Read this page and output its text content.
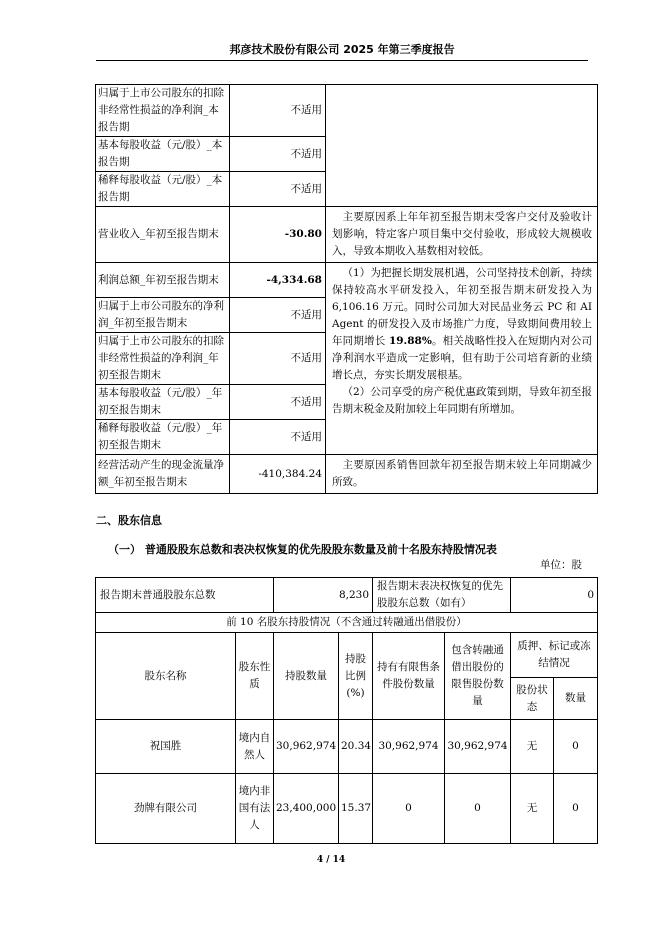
邦彦技术股份有限公司 2025 年第三季度报告
归属于上市公司股东的扣除非经常性损益的净利润_本报告期	不适用	
基本每股收益（元/股）_本报告期	不适用	
稀释每股收益（元/股）_本报告期	不适用	
营业收入_年初至报告期末	-30.80	主要原因系上年年初至报告期末受客户交付及验收计划影响，特定客户项目集中交付验收，形成较大规模收入，导致本期收入基数相对较低。

利润总额_年初至报告期末	-4,334.68	（1）为把握长期发展机遇，公司坚持技术创新，持续保持较高水平研发投入，年初至报告期末研发投入为 6,106.16 万元。同时公司加大对民品业务云 PC 和 AI Agent 的研发投入及市场推广力度，导致期间费用较上年同期增长 19.88%。相关战略性投入在短期内对公司净利润水平造成一定影响，但有助于公司培育新的业绩增长点，夯实长期发展根基。

（2）公司享受的房产税优惠政策到期，导致年初至报告期末税金及附加较上年同期有所增加。

归属于上市公司股东的净利润_年初至报告期末	不适用	
归属于上市公司股东的扣除非经常性损益的净利润_年初至报告期末	不适用	
基本每股收益（元/股）_年初至报告期末	不适用	
稀释每股收益（元/股）_年初至报告期末	不适用	
经营活动产生的现金流量净额_年初至报告期末	-410,384.24	主要原因系销售回款年初至报告期末较上年同期减少所致。

二、股东信息
（一） 普通股股东总数和表决权恢复的优先股股东数量及前十名股东持股情况表
单位：股
报告期末普通股股东总数		8,230		报告期末表决权恢复的优先股股东总数（如有）		0	
前 10 名股东持股情况（不含通过转融通出借股份）							
股东名称	股东性质	持股数量	持股比例(%)	持有有限售条件股份数量	包含转融通借出股份的限售股份数量	质押、标记或冻结情况	
						股份状态	数量
祝国胜	境内自然人	30,962,974	20.34	30,962,974	30,962,974	无	0
劲牌有限公司	境内非国有法人	23,400,000	15.37	0	0	无	0
4 / 14
